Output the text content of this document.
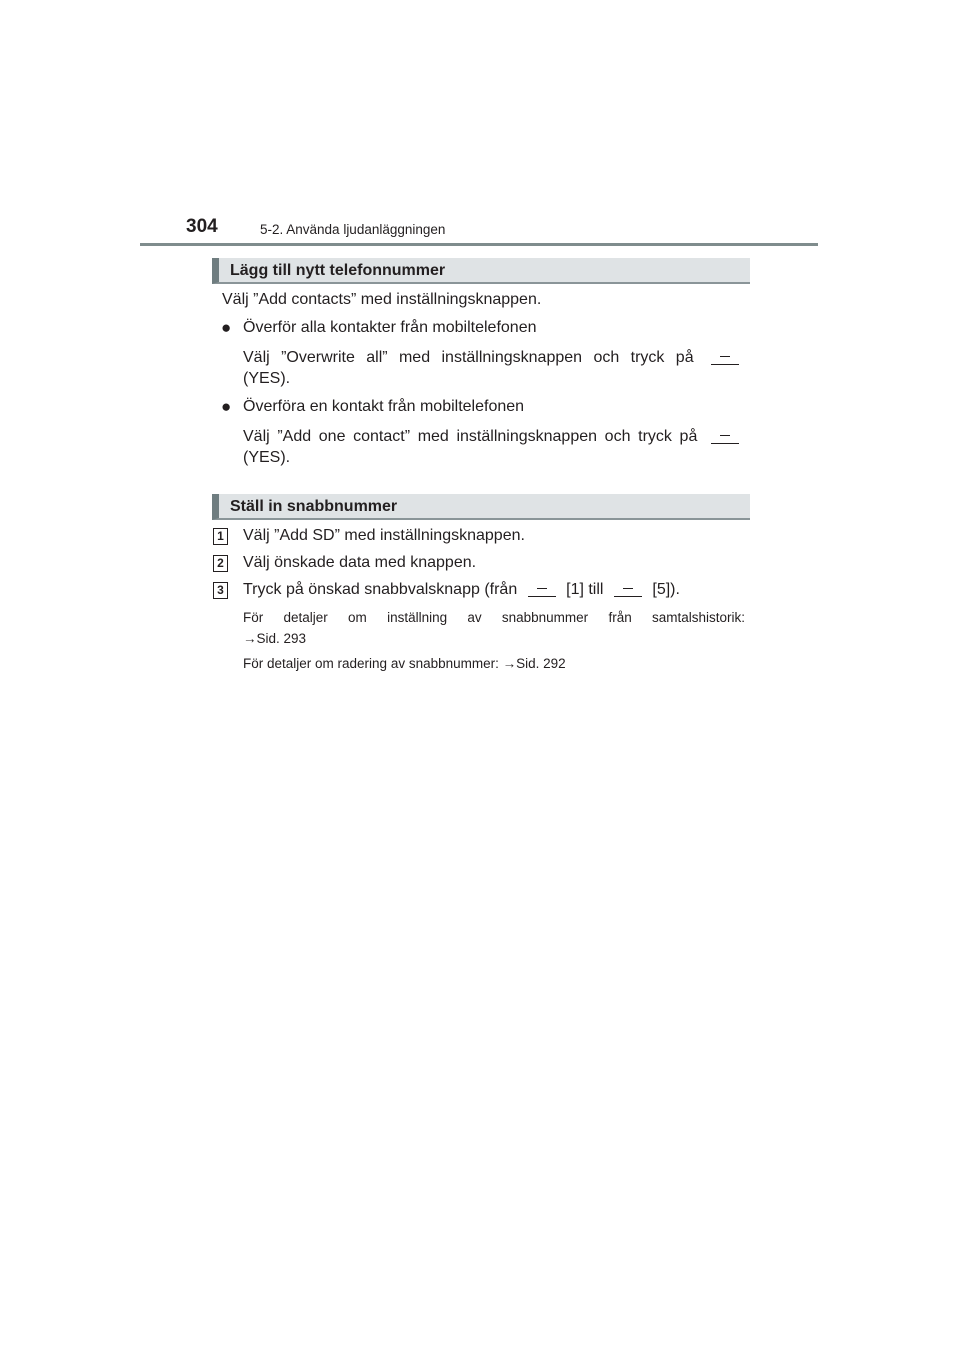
304	5-2. Använda ljudanläggningen
Lägg till nytt telefonnummer
Välj ”Add contacts” med inställningsknappen.
● Överför alla kontakter från mobiltelefonen
Välj ”Overwrite all” med inställningsknappen och tryck på
(YES).
● Överföra en kontakt från mobiltelefonen
Välj ”Add one contact” med inställningsknappen och tryck på
(YES).
Ställ in snabbnummer
1 Välj ”Add SD” med inställningsknappen.
2 Välj önskade data med knappen.
3 Tryck på önskad snabbvalsknapp (från	[1] till	[5]).
För detaljer om inställning av snabbnummer från samtalshistorik:
→Sid. 293
För detaljer om radering av snabbnummer: →Sid. 292
